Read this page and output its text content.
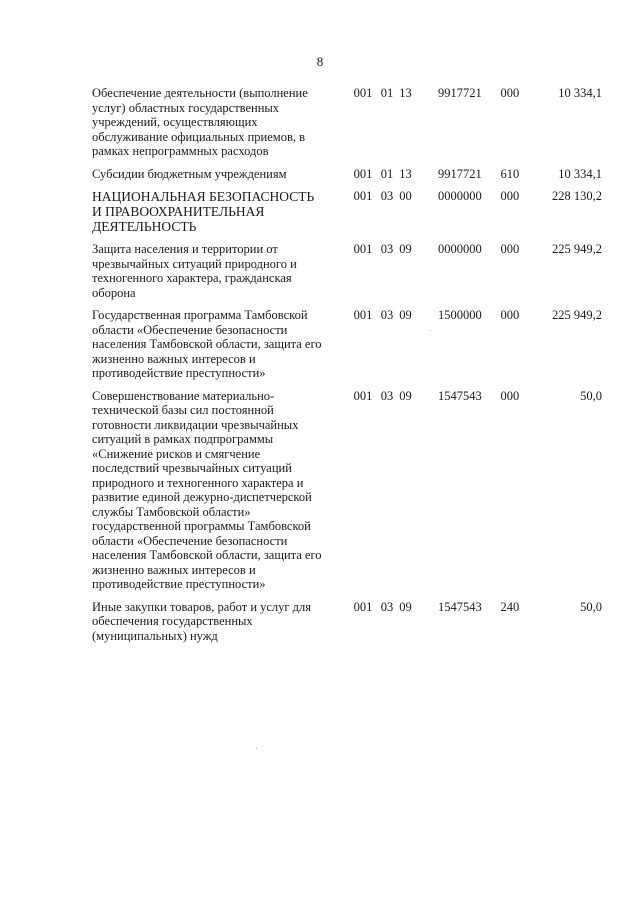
8
Обеспечение деятельности (выполнение услуг) областных государственных учреждений, осуществляющих обслуживание официальных приемов, в рамках непрограммных расходов	001	01	13	9917721	000	10 334,1
Субсидии бюджетным учреждениям	001	01	13	9917721	610	10 334,1
НАЦИОНАЛЬНАЯ БЕЗОПАСНОСТЬ И ПРАВООХРАНИТЕЛЬНАЯ ДЕЯТЕЛЬНОСТЬ	001	03	00	0000000	000	228 130,2
Защита населения и территории от чрезвычайных ситуаций природного и техногенного характера, гражданская оборона	001	03	09	0000000	000	225 949,2
Государственная программа Тамбовской области «Обеспечение безопасности населения Тамбовской области, защита его жизненно важных интересов и противодействие преступности»	001	03	09	1500000	000	225 949,2
Совершенствование материально-технической базы сил постоянной готовности ликвидации чрезвычайных ситуаций в рамках подпрограммы «Снижение рисков и смягчение последствий чрезвычайных ситуаций природного и техногенного характера и развитие единой дежурно-диспетчерской службы Тамбовской области» государственной программы Тамбовской области «Обеспечение безопасности населения Тамбовской области, защита его жизненно важных интересов и противодействие преступности»	001	03	09	1547543	000	50,0
Иные закупки товаров, работ и услуг для обеспечения государственных (муниципальных) нужд	001	03	09	1547543	240	50,0
